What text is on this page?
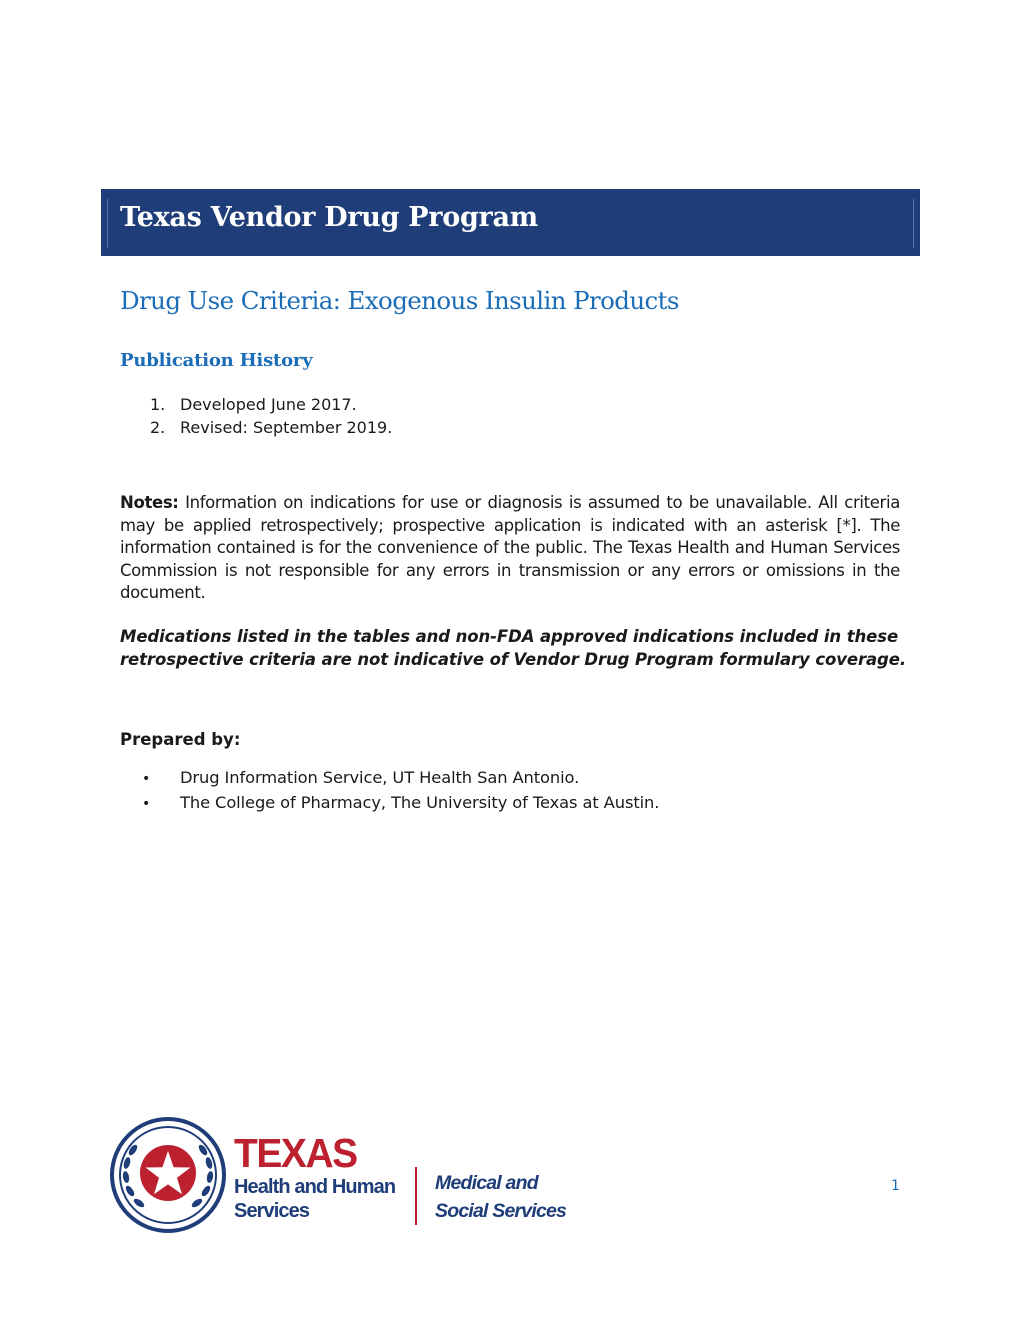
Texas Vendor Drug Program
Drug Use Criteria: Exogenous Insulin Products
Publication History
1. Developed June 2017.
2. Revised: September 2019.

Notes: Information on indications for use or diagnosis is assumed to be unavailable. All criteria may be applied retrospectively; prospective application is indicated with an asterisk [*]. The information contained is for the convenience of the public. The Texas Health and Human Services Commission is not responsible for any errors in transmission or any errors or omissions in the document.

Medications listed in the tables and non-FDA approved indications included in these retrospective criteria are not indicative of Vendor Drug Program formulary coverage.

Prepared by:

• Drug Information Service, UT Health San Antonio.
• The College of Pharmacy, The University of Texas at Austin.
TEXAS
Health and Human
Services
Medical and
Social Services
1
